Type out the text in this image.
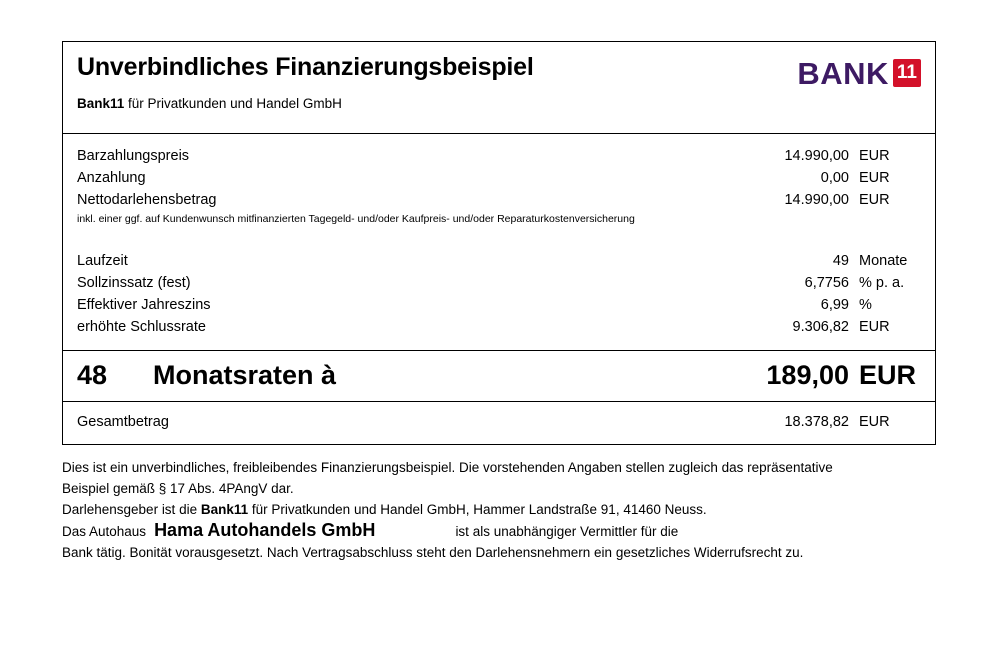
Unverbindliches Finanzierungsbeispiel
Bank11 für Privatkunden und Handel GmbH
BANK 11
Barzahlungspreis	14.990,00 EUR
Anzahlung	0,00 EUR
Nettodarlehensbetrag	14.990,00 EUR
inkl. einer ggf. auf Kundenwunsch mitfinanzierten Tagegeld- und/oder Kaufpreis- und/oder Reparaturkostenversicherung
Laufzeit	49 Monate
Sollzinssatz (fest)	6,7756 % p. a.
Effektiver Jahreszins	6,99 %
erhöhte Schlussrate	9.306,82 EUR
48	Monatsraten à	189,00 EUR
Gesamtbetrag	18.378,82 EUR

Dies ist ein unverbindliches, freibleibendes Finanzierungsbeispiel. Die vorstehenden Angaben stellen zugleich das repräsentative

Beispiel gemäß § 17 Abs. 4PAngV dar.

Darlehensgeber ist die Bank11 für Privatkunden und Handel GmbH, Hammer Landstraße 91, 41460 Neuss.

Das Autohaus Hama Autohandels GmbH	ist als unabhängiger Vermittler für die

Bank tätig. Bonität vorausgesetzt. Nach Vertragsabschluss steht den Darlehensnehmern ein gesetzliches Widerrufsrecht zu.
